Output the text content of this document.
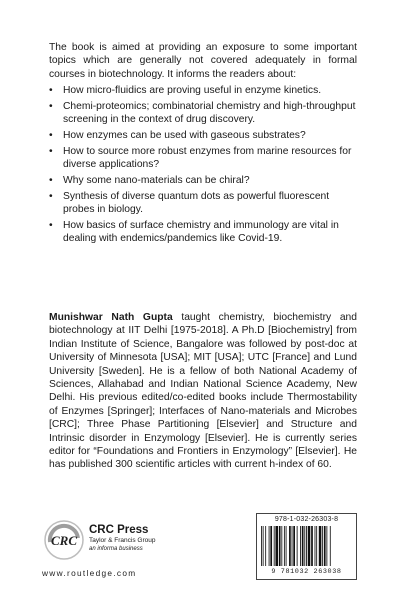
The book is aimed at providing an exposure to some important topics which are generally not covered adequately in formal courses in biotechnology. It informs the readers about:

• How micro-fluidics are proving useful in enzyme kinetics.
• Chemi-proteomics; combinatorial chemistry and high-throughput screening in the context of drug discovery.
• How enzymes can be used with gaseous substrates?
• How to source more robust enzymes from marine resources for diverse applications?
• Why some nano-materials can be chiral?
• Synthesis of diverse quantum dots as powerful fluorescent probes in biology.
• How basics of surface chemistry and immunology are vital in dealing with endemics/pandemics like Covid-19.

Munishwar Nath Gupta taught chemistry, biochemistry and biotechnology at IIT Delhi [1975-2018]. A Ph.D [Biochemistry] from Indian Institute of Science, Bangalore was followed by post-doc at University of Minnesota [USA]; MIT [USA]; UTC [France] and Lund University [Sweden]. He is a fellow of both National Academy of Sciences, Allahabad and Indian National Science Academy, New Delhi. His previous edited/co-edited books include Thermostability of Enzymes [Springer]; Interfaces of Nano-materials and Microbes [CRC]; Three Phase Partitioning [Elsevier] and Structure and Intrinsic disorder in Enzymology [Elsevier]. He is currently series editor for “Foundations and Frontiers in Enzymology” [Elsevier]. He has published 300 scientific articles with current h-index of 60.

CRC
CRC Press
Taylor & Francis Group
an informa business
www.routledge.com
978-1-032-26303-8
9 781032 263038
